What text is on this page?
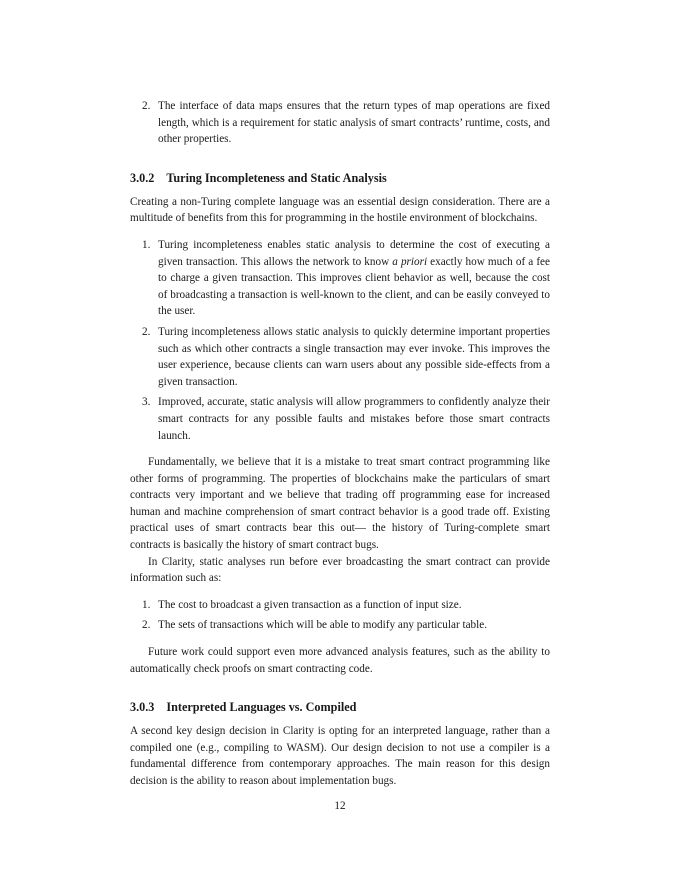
2. The interface of data maps ensures that the return types of map operations are fixed length, which is a requirement for static analysis of smart contracts’ runtime, costs, and other properties.
3.0.2 Turing Incompleteness and Static Analysis

Creating a non-Turing complete language was an essential design consideration. There are a multitude of benefits from this for programming in the hostile environment of blockchains.

1. Turing incompleteness enables static analysis to determine the cost of executing a given transaction. This allows the network to know a priori exactly how much of a fee to charge a given transaction. This improves client behavior as well, because the cost of broadcasting a transaction is well-known to the client, and can be easily conveyed to the user.
2. Turing incompleteness allows static analysis to quickly determine important properties such as which other contracts a single transaction may ever invoke. This improves the user experience, because clients can warn users about any possible side-effects from a given transaction.
3. Improved, accurate, static analysis will allow programmers to confidently analyze their smart contracts for any possible faults and mistakes before those smart contracts launch.

Fundamentally, we believe that it is a mistake to treat smart contract programming like other forms of programming. The properties of blockchains make the particulars of smart contracts very important and we believe that trading off programming ease for increased human and machine comprehension of smart contract behavior is a good trade off. Existing practical uses of smart contracts bear this out— the history of Turing-complete smart contracts is basically the history of smart contract bugs.

In Clarity, static analyses run before ever broadcasting the smart contract can provide information such as:

1. The cost to broadcast a given transaction as a function of input size.
2. The sets of transactions which will be able to modify any particular table.

Future work could support even more advanced analysis features, such as the ability to automatically check proofs on smart contracting code.

3.0.3 Interpreted Languages vs. Compiled

A second key design decision in Clarity is opting for an interpreted language, rather than a compiled one (e.g., compiling to WASM). Our design decision to not use a compiler is a fundamental difference from contemporary approaches. The main reason for this design decision is the ability to reason about implementation bugs.

12
